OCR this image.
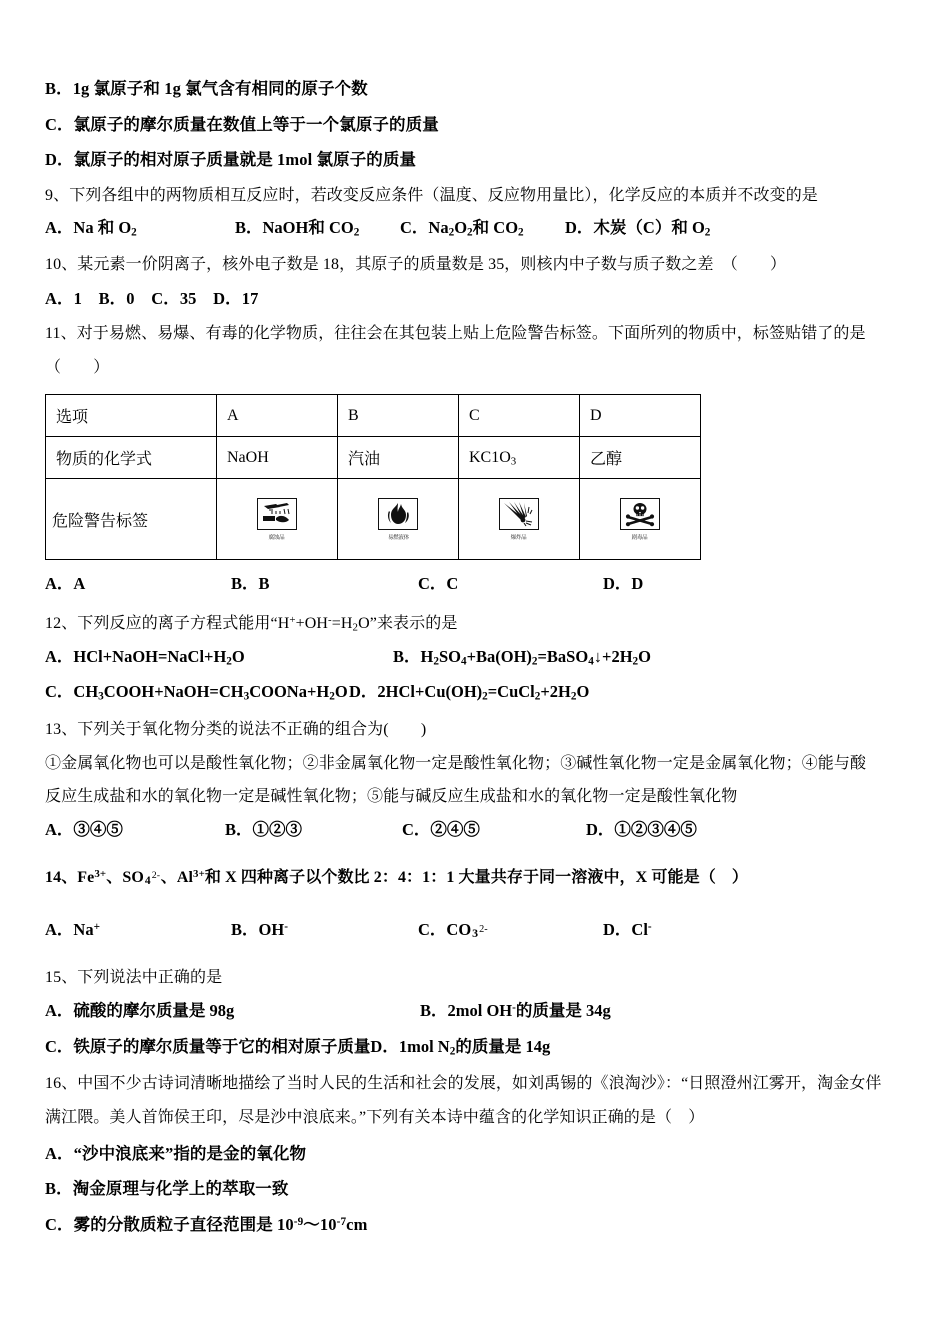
B．1g 氯原子和 1g 氯气含有相同的原子个数
C．氯原子的摩尔质量在数值上等于一个氯原子的质量
D．氯原子的相对原子质量就是 1mol 氯原子的质量
9、下列各组中的两物质相互反应时，若改变反应条件（温度、反应物用量比），化学反应的本质并不改变的是
A．Na 和 $O_2$	B．NaOH和 $CO_2$	C．$Na_2O_2$和 $CO_2$	D．木炭（C）和 $O_2$
10、某元素一价阴离子，核外电子数是 18，其原子的质量数是 35，则核内中子数与质子数之差　（　　）
A．1　B．0　C．35　D．17
11、对于易燃、易爆、有毒的化学物质，往往会在其包装上贴上危险警告标签。下面所列的物质中，标签贴错了的是
（　　）
选项	A	B	C	D
物质的化学式	NaOH	汽油	$KC1O_3$	乙醇
危险警告标签	腐蚀品	易燃液体	爆炸品	剧毒品
A．A	B．B	C．C	D．D
12、下列反应的离子方程式能用“$H^++OH^-=H_2O$”来表示的是
A．$HCl+NaOH=NaCl+H_2O$	B．$H_2SO_4+Ba(OH)_2=BaSO_4↓+2H_2O$
C．$CH_3COOH+NaOH=CH_3COONa+H_2O$ D．$2HCl+Cu(OH)_2=CuCl_2+2H_2O$
13、下列关于氧化物分类的说法不正确的组合为(　　)
①金属氧化物也可以是酸性氧化物；②非金属氧化物一定是酸性氧化物；③碱性氧化物一定是金属氧化物；④能与酸
反应生成盐和水的氧化物一定是碱性氧化物；⑤能与碱反应生成盐和水的氧化物一定是酸性氧化物
A．③④⑤	B．①②③	C．②④⑤	D．①②③④⑤
14、$Fe^{3+}$、SO4 2- 、$Al^{3+}$和 X 四种离子以个数比 2：4：1：1 大量共存于同一溶液中，X 可能是（　）
A．Na+	B．OH-	C．CO3 2-	D．Cl-
15、下列说法中正确的是
A．硫酸的摩尔质量是 98g	B．2mol OH-的质量是 34g
C．铁原子的摩尔质量等于它的相对原子质量D．1mol $N_2$的质量是 14g
16、中国不少古诗词清晰地描绘了当时人民的生活和社会的发展，如刘禹锡的《浪淘沙》：“日照澄州江雾开，淘金女伴
满江隈。美人首饰侯王印，尽是沙中浪底来。”下列有关本诗中蕴含的化学知识正确的是（　）
A．“沙中浪底来”指的是金的氧化物
B．淘金原理与化学上的萃取一致
C．雾的分散质粒子直径范围是 $10^{-9}\sim 10^{-7}cm$
